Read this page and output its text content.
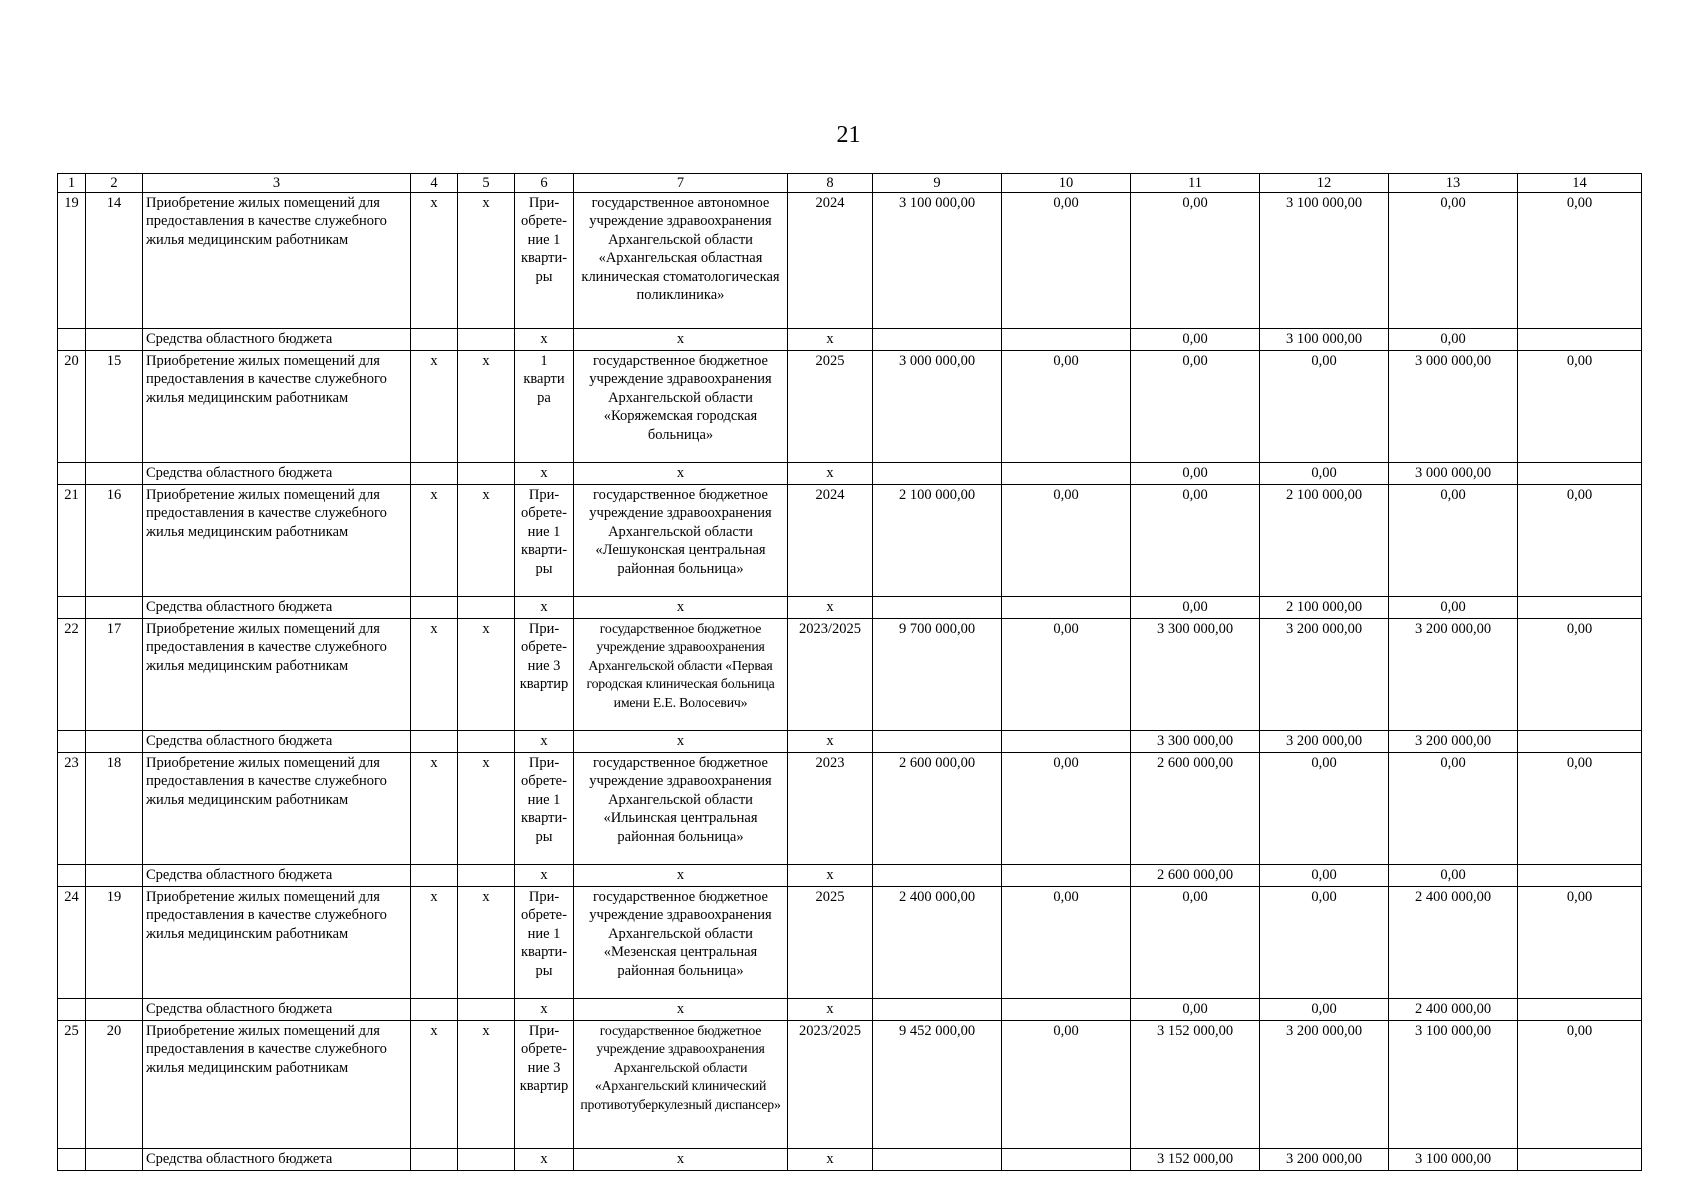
21
1	2	3	4	5	6	7	8	9	10	11	12	13	14
19	14	Приобретение жилых помещений для предоставления в качестве служебного жилья медицинским работникам	х	х	При-обрете-ние 1 кварти-ры	государственное автономное учреждение здравоохранения Архангельской области «Архангельская областная клиническая стоматологическая поликлиника»	2024	3 100 000,00	0,00	0,00	3 100 000,00	0,00	0,00
		Средства областного бюджета			х	х	х			0,00	3 100 000,00	0,00	
20	15	Приобретение жилых помещений для предоставления в качестве служебного жилья медицинским работникам	х	х	1 кварти ра	государственное бюджетное учреждение здравоохранения Архангельской области «Коряжемская городская больница»	2025	3 000 000,00	0,00	0,00	0,00	3 000 000,00	0,00
		Средства областного бюджета			х	х	х			0,00	0,00	3 000 000,00	
21	16	Приобретение жилых помещений для предоставления в качестве служебного жилья медицинским работникам	х	х	При-обрете-ние 1 кварти-ры	государственное бюджетное учреждение здравоохранения Архангельской области «Лешуконская центральная районная больница»	2024	2 100 000,00	0,00	0,00	2 100 000,00	0,00	0,00
		Средства областного бюджета			х	х	х			0,00	2 100 000,00	0,00	
22	17	Приобретение жилых помещений для предоставления в качестве служебного жилья медицинским работникам	х	х	При-обрете-ние 3 квартир	государственное бюджетное учреждение здравоохранения Архангельской области «Первая городская клиническая больница имени Е.Е. Волосевич»	2023/2025	9 700 000,00	0,00	3 300 000,00	3 200 000,00	3 200 000,00	0,00
		Средства областного бюджета			х	х	х			3 300 000,00	3 200 000,00	3 200 000,00	
23	18	Приобретение жилых помещений для предоставления в качестве служебного жилья медицинским работникам	х	х	При-обрете-ние 1 кварти-ры	государственное бюджетное учреждение здравоохранения Архангельской области «Ильинская центральная районная больница»	2023	2 600 000,00	0,00	2 600 000,00	0,00	0,00	0,00
		Средства областного бюджета			х	х	х			2 600 000,00	0,00	0,00	
24	19	Приобретение жилых помещений для предоставления в качестве служебного жилья медицинским работникам	х	х	При-обрете-ние 1 кварти-ры	государственное бюджетное учреждение здравоохранения Архангельской области «Мезенская центральная районная больница»	2025	2 400 000,00	0,00	0,00	0,00	2 400 000,00	0,00
		Средства областного бюджета			х	х	х			0,00	0,00	2 400 000,00	
25	20	Приобретение жилых помещений для предоставления в качестве служебного жилья медицинским работникам	х	х	При-обрете-ние 3 квартир	государственное бюджетное учреждение здравоохранения Архангельской области «Архангельский клинический противотуберкулезный диспансер»	2023/2025	9 452 000,00	0,00	3 152 000,00	3 200 000,00	3 100 000,00	0,00
		Средства областного бюджета			х	х	х			3 152 000,00	3 200 000,00	3 100 000,00	
